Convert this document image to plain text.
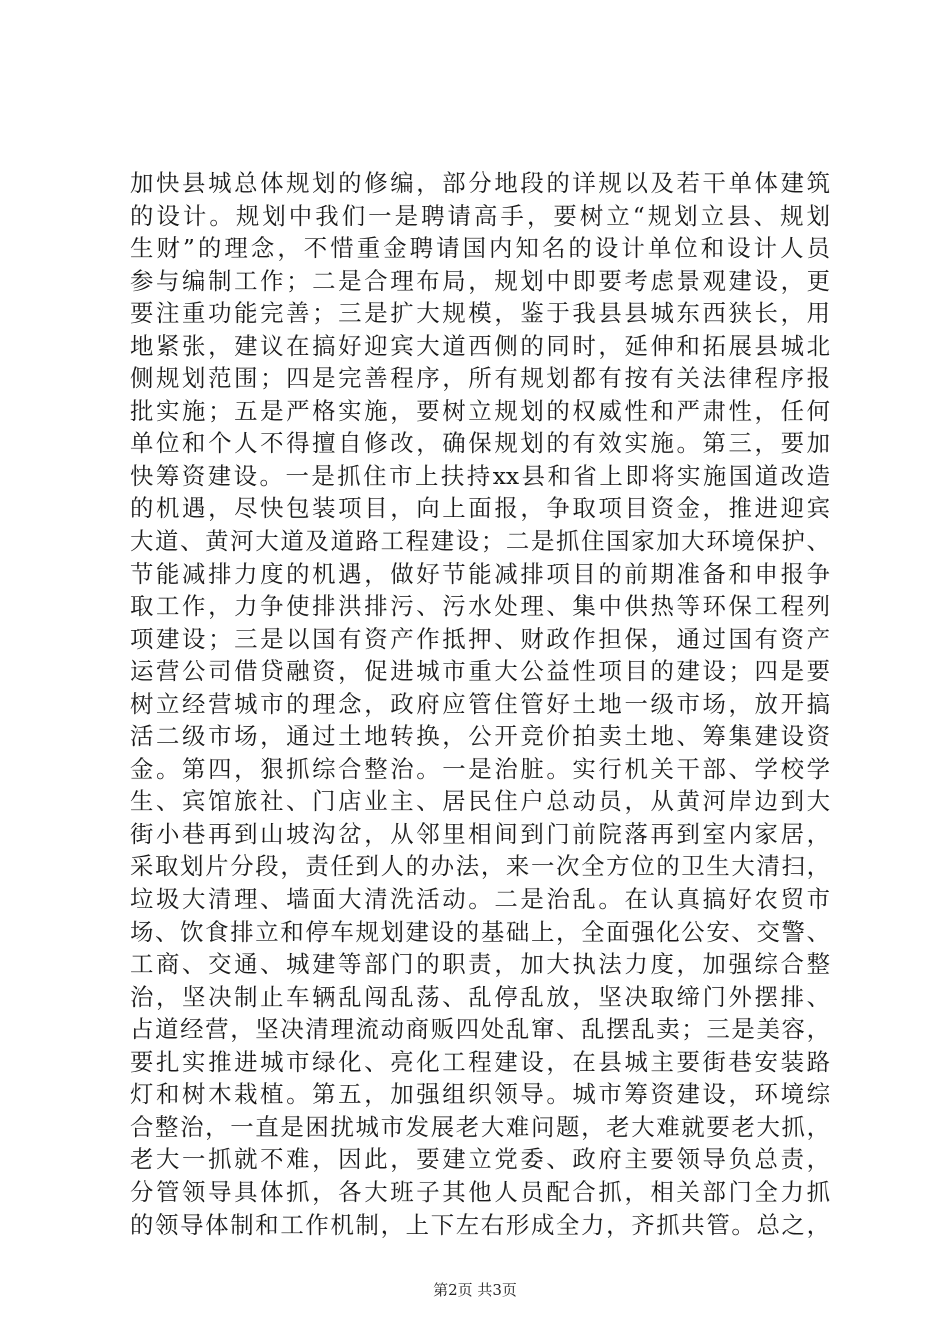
加快县城总体规划的修编，部分地段的详规以及若干单体建筑
的设计。规划中我们一是聘请高手，要树立“规划立县、规划
生财”的理念，不惜重金聘请国内知名的设计单位和设计人员
参与编制工作；二是合理布局，规划中即要考虑景观建设，更
要注重功能完善；三是扩大规模，鉴于我县县城东西狭长，用
地紧张，建议在搞好迎宾大道西侧的同时，延伸和拓展县城北
侧规划范围；四是完善程序，所有规划都有按有关法律程序报
批实施；五是严格实施，要树立规划的权威性和严肃性，任何
单位和个人不得擅自修改，确保规划的有效实施。第三，要加
快筹资建设。一是抓住市上扶持xx县和省上即将实施国道改造
的机遇，尽快包装项目，向上面报，争取项目资金，推进迎宾
大道、黄河大道及道路工程建设；二是抓住国家加大环境保护、
节能减排力度的机遇，做好节能减排项目的前期准备和申报争
取工作，力争使排洪排污、污水处理、集中供热等环保工程列
项建设；三是以国有资产作抵押、财政作担保，通过国有资产
运营公司借贷融资，促进城市重大公益性项目的建设；四是要
树立经营城市的理念，政府应管住管好土地一级市场，放开搞
活二级市场，通过土地转换，公开竞价拍卖土地、筹集建设资
金。第四，狠抓综合整治。一是治脏。实行机关干部、学校学
生、宾馆旅社、门店业主、居民住户总动员，从黄河岸边到大
街小巷再到山坡沟岔，从邻里相间到门前院落再到室内家居，
采取划片分段，责任到人的办法，来一次全方位的卫生大清扫，
垃圾大清理、墙面大清洗活动。二是治乱。在认真搞好农贸市
场、饮食排立和停车规划建设的基础上，全面强化公安、交警、
工商、交通、城建等部门的职责，加大执法力度，加强综合整
治，坚决制止车辆乱闯乱荡、乱停乱放，坚决取缔门外摆排、
占道经营，坚决清理流动商贩四处乱窜、乱摆乱卖；三是美容，
要扎实推进城市绿化、亮化工程建设，在县城主要街巷安装路
灯和树木栽植。第五，加强组织领导。城市筹资建设，环境综
合整治，一直是困扰城市发展老大难问题，老大难就要老大抓，
老大一抓就不难，因此，要建立党委、政府主要领导负总责，
分管领导具体抓，各大班子其他人员配合抓，相关部门全力抓
的领导体制和工作机制，上下左右形成全力，齐抓共管。总之，
第2页 共3页
